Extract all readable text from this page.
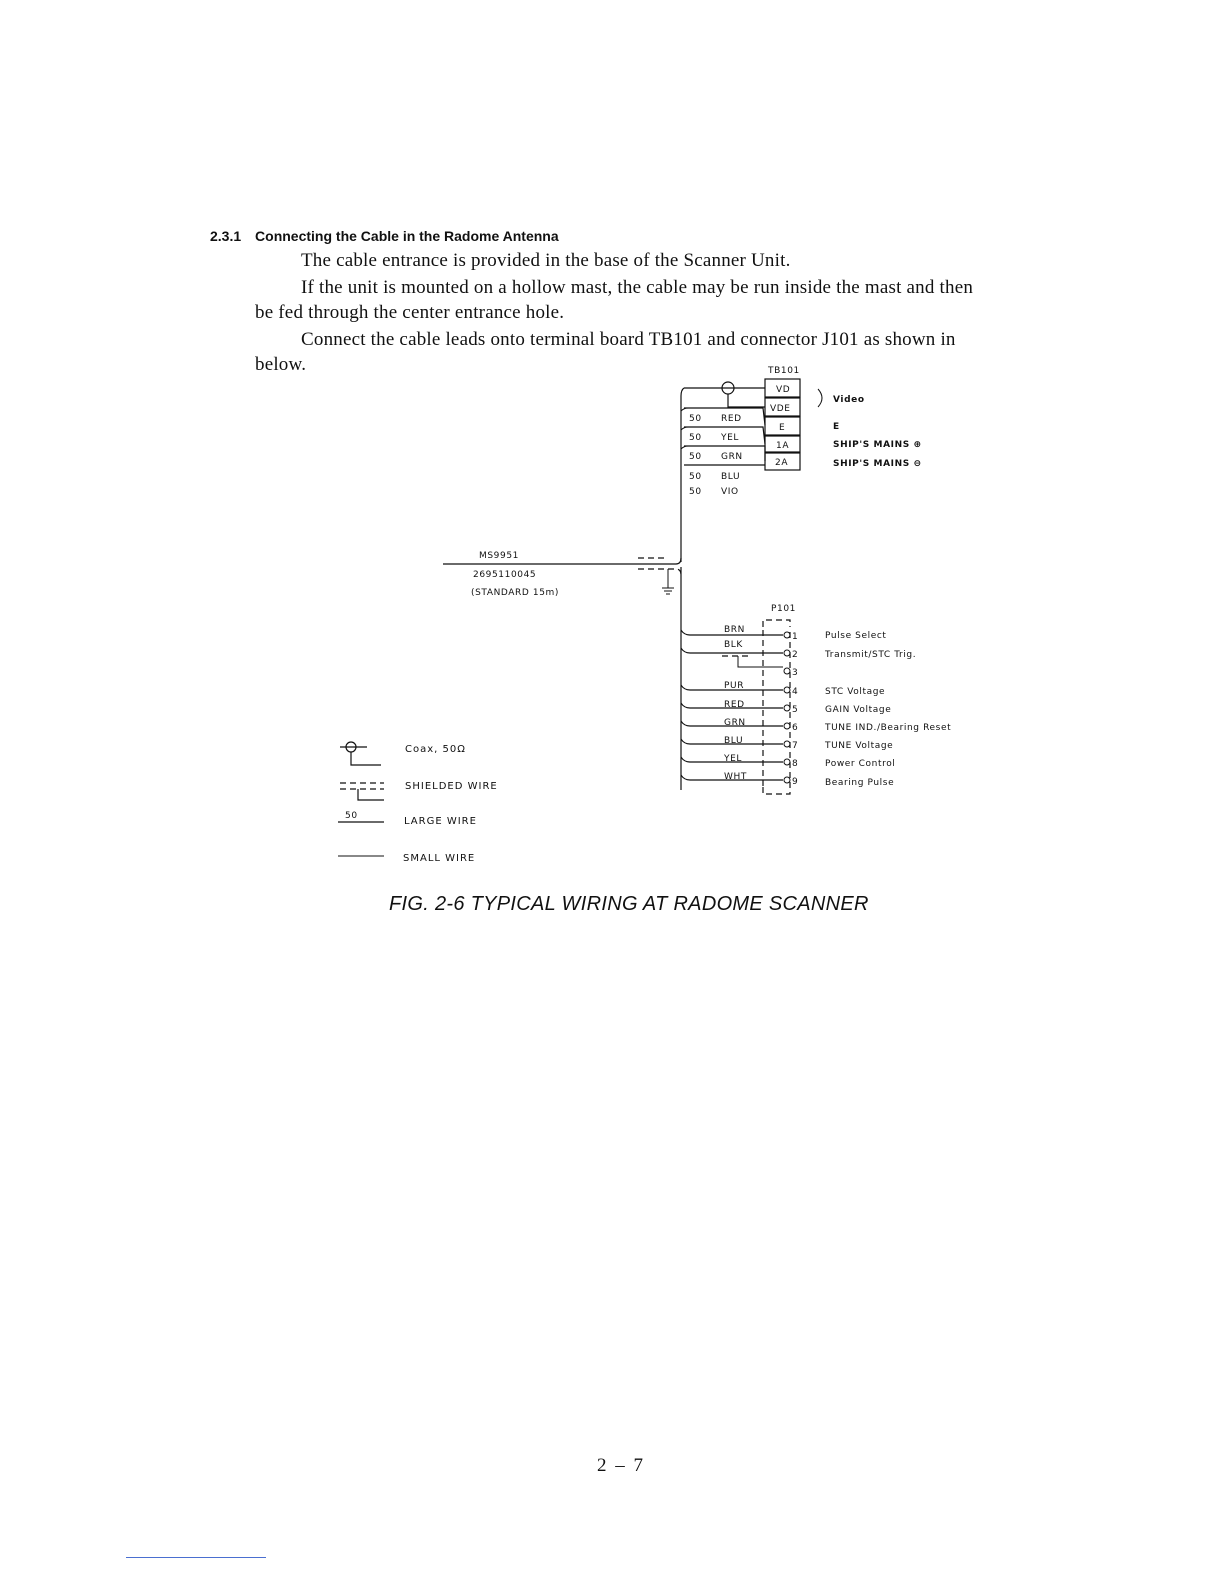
2.3.1 Connecting the Cable in the Radome Antenna
The cable entrance is provided in the base of the Scanner Unit.
If the unit is mounted on a hollow mast, the cable may be run inside the mast and then
be fed through the center entrance hole.
Connect the cable leads onto terminal board TB101 and connector J101 as shown in
below.	TB101
VD
VDE
E
1A
2A
Video
E
SHIP'S MAINS ⊕
SHIP'S MAINS ⊖
50 RED
50 YEL
50 GRN
50 BLU
50 VIO
MS9951
2695110045
(STANDARD 15m)
P101
BRN
BLK
PUR
RED
GRN
BLU
YEL
WHT
1
2
3
4
5
6
7
8
9
Pulse Select
Transmit/STC Trig.
STC Voltage
GAIN Voltage
TUNE IND./Bearing Reset
TUNE Voltage
Power Control
Bearing Pulse
Coax, 50Ω
SHIELDED WIRE
50	LARGE WIRE
SMALL WIRE
FIG. 2-6 TYPICAL WIRING AT RADOME SCANNER
2 – 7
